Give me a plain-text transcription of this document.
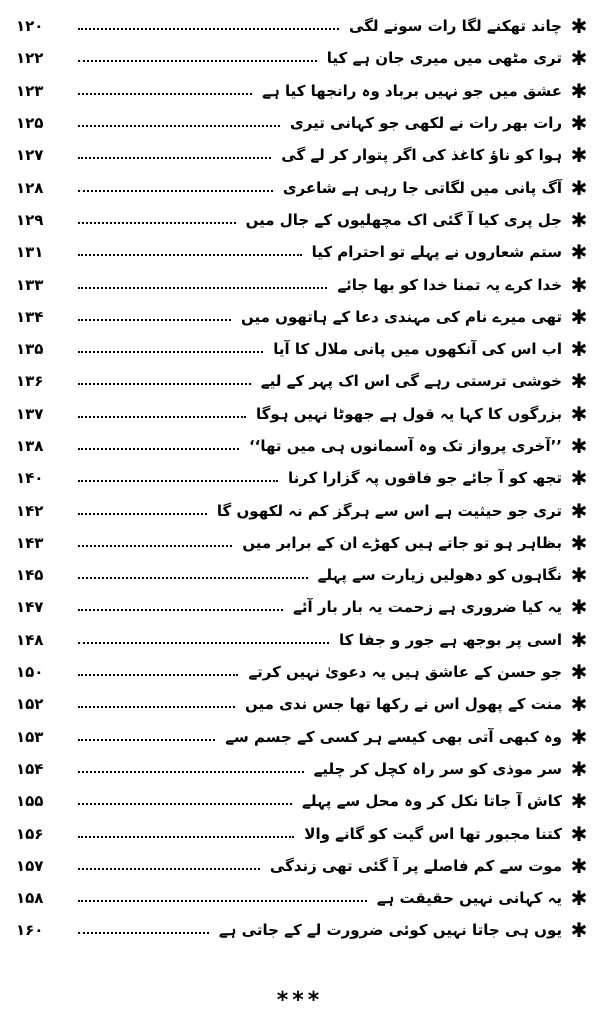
۱۲۰	چاند تھکنے لگا رات سونے لگی ✱
۱۲۲	تری مٹھی میں میری جان ہے کیا ✱
۱۲۳	عشق میں جو نہیں برباد وہ رانجھا کیا ہے ✱
۱۲۵	رات بھر رات نے لکھی جو کہانی تیری ✱
۱۲۷	ہوا کو ناؤ کاغذ کی اگر پتوار کر لے گی ✱
۱۲۸	آگ پانی میں لگاتی جا رہی ہے شاعری ✱
۱۲۹	جل پری کیا آ گئی اک مچھلیوں کے جال میں ✱
۱۳۱	ستم شعاروں نے پہلے تو احترام کیا ✱
۱۳۳	خدا کرے یہ تمنا خدا کو بھا جائے ✱
۱۳۴	تھی میرے نام کی مہندی دعا کے ہاتھوں میں ✱
۱۳۵	اب اس کی آنکھوں میں پانی ملال کا آیا ✱
۱۳۶	خوشی ترستی رہے گی اس اک پہر کے لیے ✱
۱۳۷	بزرگوں کا کہا یہ قول ہے جھوٹا نہیں ہوگا ✱
۱۳۸	’’آخری پرواز تک وہ آسمانوں ہی میں تھا‘‘ ✱
۱۴۰	تجھ کو آ جائے جو فاقوں پہ گزارا کرنا ✱
۱۴۲	تری جو حیثیت ہے اس سے ہرگز کم نہ لکھوں گا ✱
۱۴۳	بظاہر ہو تو جاتے ہیں کھڑے ان کے برابر میں ✱
۱۴۵	نگاہوں کو دھولیں زیارت سے پہلے ✱
۱۴۷	یہ کیا ضروری ہے زحمت یہ بار بار آئے ✱
۱۴۸	اسی پر بوجھ ہے جور و جفا کا ✱
۱۵۰	جو حسن کے عاشق ہیں یہ دعویٰ نہیں کرتے ✱
۱۵۲	منت کے پھول اس نے رکھا تھا جس ندی میں ✱
۱۵۳	وہ کبھی آتی بھی کیسے ہر کسی کے جسم سے ✱
۱۵۴	سر موذی کو سر راہ کچل کر چلیے ✱
۱۵۵	کاش آ جاتا نکل کر وہ محل سے پہلے ✱
۱۵۶	کتنا مجبور تھا اس گیت کو گانے والا ✱
۱۵۷	موت سے کم فاصلے پر آ گئی تھی زندگی ✱
۱۵۸	یہ کہانی نہیں حقیقت ہے ✱
۱۶۰	یوں ہی جاتا نہیں کوئی ضرورت لے کے جاتی ہے ✱
***
